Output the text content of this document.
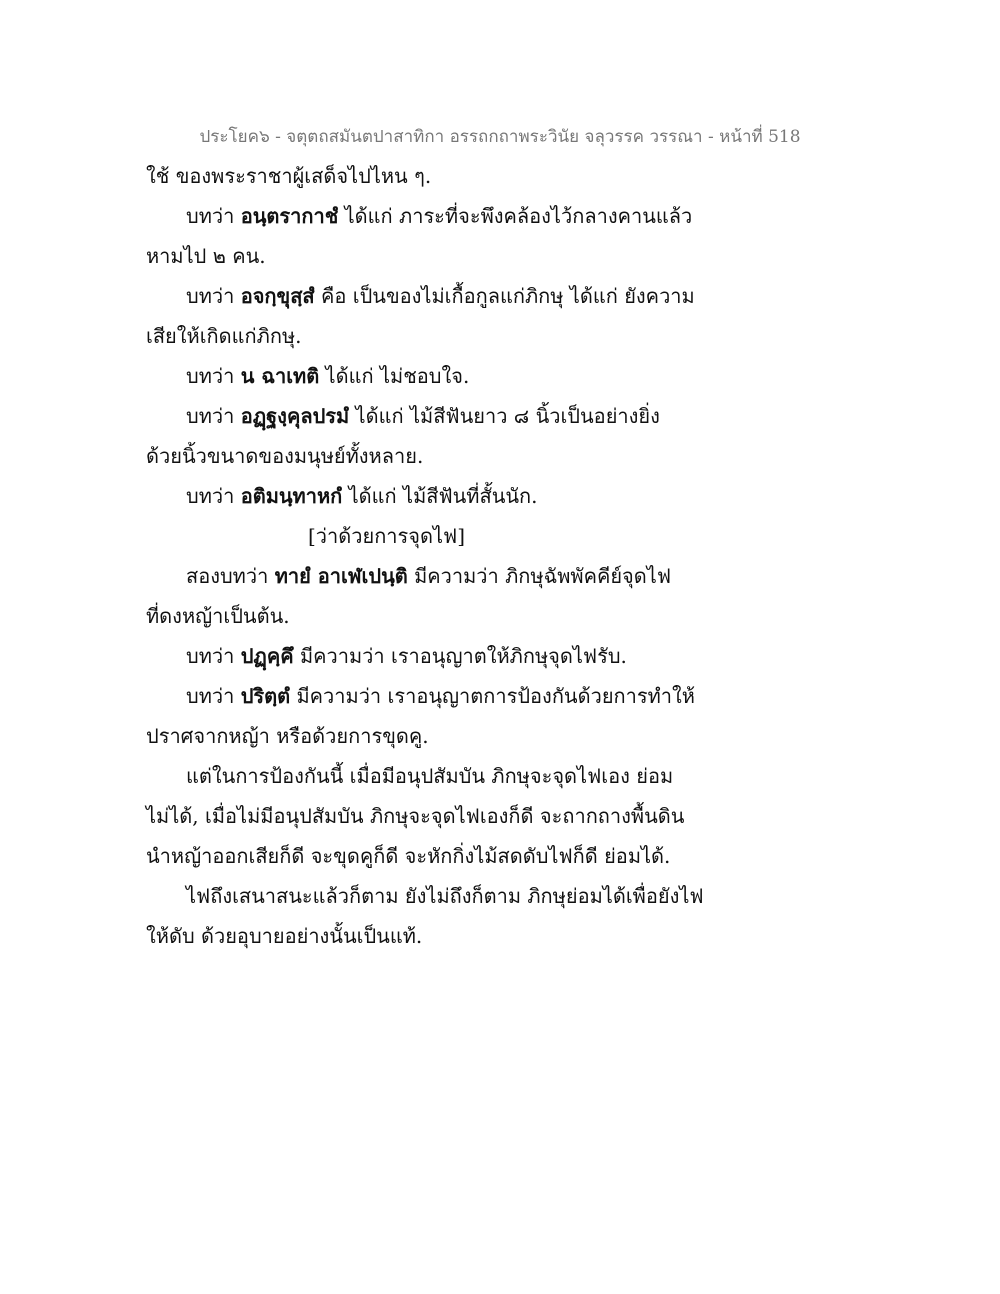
ประโยค๖ - จตุตถสมันตปาสาทิกา อรรถกถาพระวินัย จลุวรรค วรรณา - หน้าที่ 518
ใช้ ของพระราชาผู้เสด็จไปไหน ๆ.
บทว่า อนฺตรากาชํ ได้แก่ ภาระที่จะพึงคล้องไว้กลางคานแล้ว
หามไป ๒ คน.
บทว่า อจกฺขุสฺสํ คือ เป็นของไม่เกื้อกูลแก่ภิกษุ ได้แก่ ยังความ
เสียให้เกิดแก่ภิกษุ.
บทว่า น ฉาเทติ ได้แก่ ไม่ชอบใจ.
บทว่า อฏฺฐงฺคุลปรมํ ได้แก่ ไม้สีฟันยาว ๘ นิ้วเป็นอย่างยิ่ง
ด้วยนิ้วขนาดของมนุษย์ทั้งหลาย.
บทว่า อติมนฺทาหกํ ได้แก่ ไม้สีฟันที่สั้นนัก.
[ว่าด้วยการจุดไฟ]
สองบทว่า ทายํ อาเฬเปนฺติ มีความว่า ภิกษุฉัพพัคคีย์จุดไฟ
ที่ดงหญ้าเป็นต้น.
บทว่า ปฏฺคฺคึ มีความว่า เราอนุญาตให้ภิกษุจุดไฟรับ.
บทว่า ปริตฺตํ มีความว่า เราอนุญาตการป้องกันด้วยการทำให้
ปราศจากหญ้า หรือด้วยการขุดคู.
แต่ในการป้องกันนี้ เมื่อมีอนุปสัมบัน ภิกษุจะจุดไฟเอง ย่อม
ไม่ได้, เมื่อไม่มีอนุปสัมบัน ภิกษุจะจุดไฟเองก็ดี จะถากถางพื้นดิน
นำหญ้าออกเสียก็ดี จะขุดคูก็ดี จะหักกิ่งไม้สดดับไฟก็ดี ย่อมได้.
ไฟถึงเสนาสนะแล้วก็ตาม ยังไม่ถึงก็ตาม ภิกษุย่อมได้เพื่อยังไฟ
ให้ดับ ด้วยอุบายอย่างนั้นเป็นแท้.
